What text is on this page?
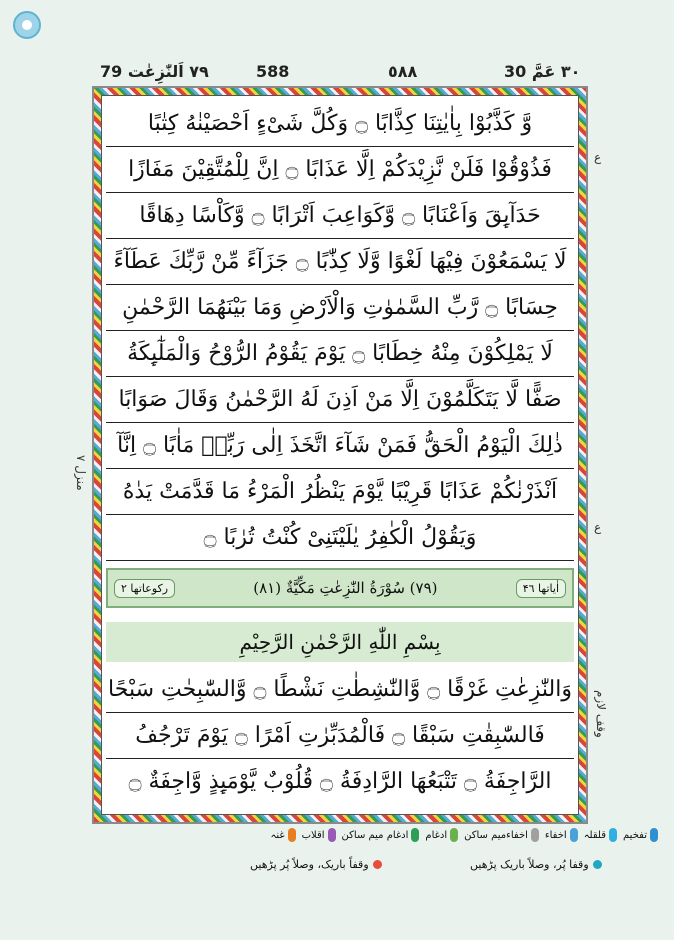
٧٩ اَلنّٰزِعٰت 79	588	٥٨٨	٣٠ عَمَّ 30
منزل ٧
ع
ع
وقف لازم
وَّ كَذَّبُوْا بِاٰيٰتِنَا كِذَّابًا ۝ وَكُلَّ شَیْءٍ اَحْصَیْنٰهُ كِتٰبًا
فَذُوْقُوْا فَلَنْ نَّزِيْدَكُمْ اِلَّا عَذَابًا ۝ اِنَّ لِلْمُتَّقِيْنَ مَفَازًا
حَدَآىِٕقَ وَاَعْنَابًا ۝ وَّكَوَاعِبَ اَتْرَابًا ۝ وَّكَاْسًا دِهَاقًا
لَا يَسْمَعُوْنَ فِيْهَا لَغْوًا وَّلَا كِذّٰبًا ۝ جَزَآءً مِّنْ رَّبِّكَ عَطَآءً
حِسَابًا ۝ رَّبِّ السَّمٰوٰتِ وَالْاَرْضِ وَمَا بَيْنَهُمَا الرَّحْمٰنِ
لَا يَمْلِكُوْنَ مِنْهُ خِطَابًا ۝ يَوْمَ يَقُوْمُ الرُّوْحُ وَالْمَلٰٓىِٕكَةُ
صَفًّا لَّا يَتَكَلَّمُوْنَ اِلَّا مَنْ اَذِنَ لَهُ الرَّحْمٰنُ وَقَالَ صَوَابًا
ذٰلِكَ الْيَوْمُ الْحَقُّ فَمَنْ شَآءَ اتَّخَذَ اِلٰى رَبِّهٖ مَاٰبًا ۝ اِنَّآ
اَنْذَرْنٰكُمْ عَذَابًا قَرِيْبًا يَّوْمَ يَنْظُرُ الْمَرْءُ مَا قَدَّمَتْ يَدٰهُ
وَيَقُوْلُ الْكٰفِرُ يٰلَيْتَنِیْ كُنْتُ تُرٰبًا ۝
اٰیاتھا ۴٦
(٧٩) سُوْرَةُ النّٰزِعٰتِ مَكِّيَّةٌ (٨١)
رکوعاتھا ٢
بِسْمِ اللّٰهِ الرَّحْمٰنِ الرَّحِيْمِ
وَالنّٰزِعٰتِ غَرْقًا ۝ وَّالنّٰشِطٰتِ نَشْطًا ۝ وَّالسّٰبِحٰتِ سَبْحًا
فَالسّٰبِقٰتِ سَبْقًا ۝ فَالْمُدَبِّرٰتِ اَمْرًا ۝ يَوْمَ تَرْجُفُ
الرَّاجِفَةُ ۝ تَتْبَعُهَا الرَّادِفَةُ ۝ قُلُوْبٌ يَّوْمَىِٕذٍ وَّاجِفَةٌ ۝
تفخیم
قلقلہ
اخفاء
اخفاءمیم ساکن
ادغام
ادغام میم ساکن
اقلاب
غنہ
وقفا پُر، وصلاً باریک پڑھیں
وقفاً باریک، وصلاً پُر پڑھیں
